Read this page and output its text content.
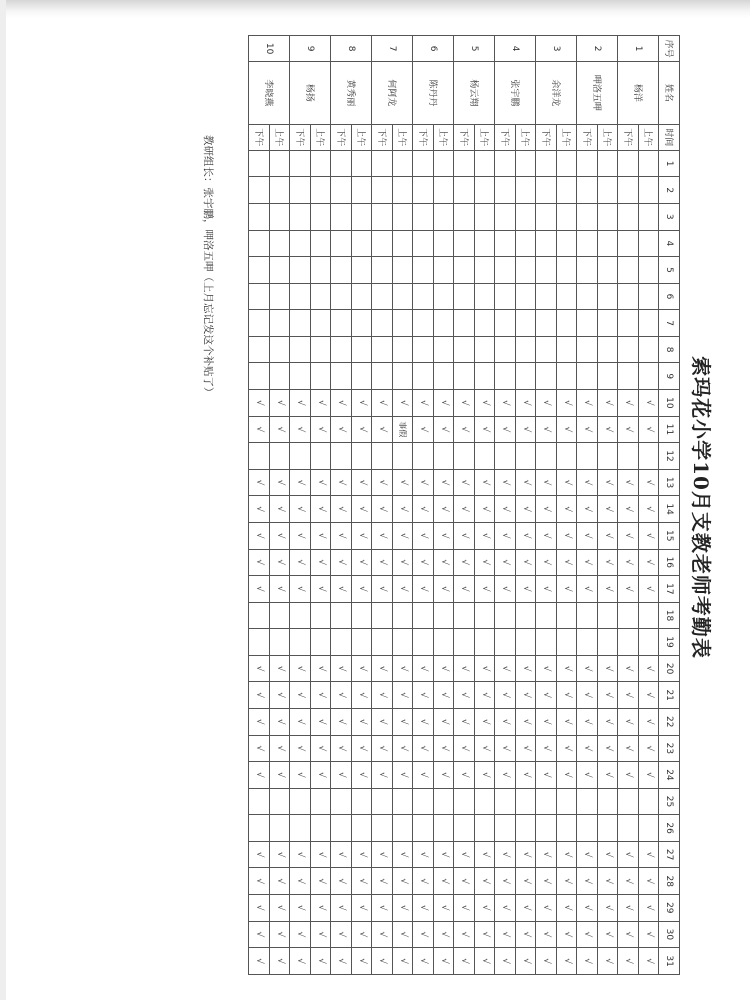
索玛花小学10月支教老师考勤表
序号	姓名	时间	1	2	3	4	5	6	7	8	9	10	11	12	13	14	15	16	17	18	19	20	21	22	23	24	25	26	27	28	29	30	31
1	杨洋	上午										√	√		√	√	√	√	√			√	√	√	√	√			√	√	√	√	√
		下午										√	√		√	√	√	√	√			√	√	√	√	√			√	√	√	√	√
2	呷洛五呷	上午										√	√		√	√	√	√	√			√	√	√	√	√			√	√	√	√	√
		下午										√	√		√	√	√	√	√			√	√	√	√	√			√	√	√	√	√
3	余洋龙	上午										√	√		√	√	√	√	√			√	√	√	√	√			√	√	√	√	√
		下午										√	√		√	√	√	√	√			√	√	√	√	√			√	√	√	√	√
4	张宇鹏	上午										√	√		√	√	√	√	√			√	√	√	√	√			√	√	√	√	√
		下午										√	√		√	√	√	√	√			√	√	√	√	√			√	√	√	√	√
5	杨云翔	上午										√	√		√	√	√	√	√			√	√	√	√	√			√	√	√	√	√
		下午										√	√		√	√	√	√	√			√	√	√	√	√			√	√	√	√	√
6	陈丹丹	上午										√	√		√	√	√	√	√			√	√	√	√	√			√	√	√	√	√
		下午										√	√		√	√	√	√	√			√	√	√	√	√			√	√	√	√	√
7	何阿龙	上午										√	事假		√	√	√	√	√			√	√	√	√	√			√	√	√	√	√
		下午										√	√		√	√	√	√	√			√	√	√	√	√			√	√	√	√	√
8	黄秀丽	上午										√	√		√	√	√	√	√			√	√	√	√	√			√	√	√	√	√
		下午										√	√		√	√	√	√	√			√	√	√	√	√			√	√	√	√	√
9	杨扬	上午										√	√		√	√	√	√	√			√	√	√	√	√			√	√	√	√	√
		下午										√	√		√	√	√	√	√			√	√	√	√	√			√	√	√	√	√
10	李晓燕	上午										√	√		√	√	√	√	√			√	√	√	√	√			√	√	√	√	√
		下午										√	√		√	√	√	√	√			√	√	√	√	√			√	√	√	√	√
教研组长：张宇鹏，呷洛五呷（上月忘记发这个补贴了）
